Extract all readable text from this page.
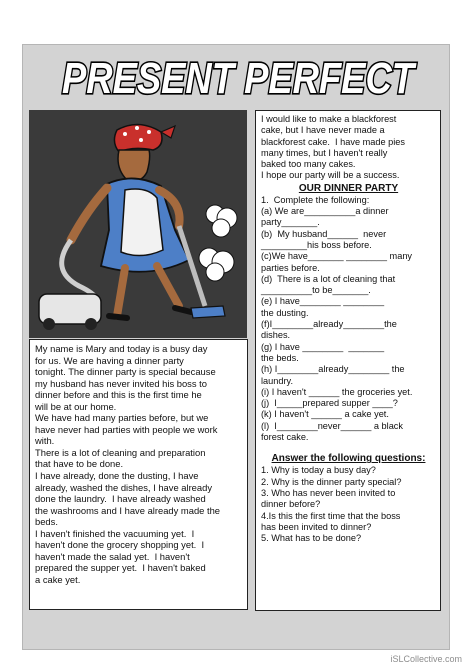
PRESENT PERFECT
My name is Mary and today is a busy day
for us. We are having a dinner party
tonight. The dinner party is special because
my husband has never invited his boss to
dinner before and this is the first time he
will be at our home.
We have had many parties before, but we
have never had parties with people we work
with.
There is a lot of cleaning and preparation
that have to be done.
I have already, done the dusting, I have
already, washed the dishes, I have already
done the laundry.  I have already washed
the washrooms and I have already made the
beds.
I haven't finished the vacuuming yet.  I
haven't done the grocery shopping yet.  I
haven't made the salad yet.  I haven't
prepared the supper yet.  I haven't baked
a cake yet.
I would like to make a blackforest
cake, but I have never made a
blackforest cake.  I have made pies
many times, but I haven't really
baked too many cakes.
I hope our party will be a success.
OUR DINNER PARTY
1.  Complete the following:
(a) We are__________a dinner
party_______.
(b)  My husband______  never
_________his boss before.
(c)We have_______ ________ many
parties before.
(d)  There is a lot of cleaning that
__________to be_______.
(e) I have________ ________
the dusting.
(f)I________already________the
dishes.
(g) I have ________  _______
the beds.
(h) I________already________ the
laundry.
(i) I haven't ______ the groceries yet.
(j)  I_____prepared supper ____?
(k) I haven't ______ a cake yet.
(l)  I________never______ a black
forest cake.
Answer the following questions:
1. Why is today a busy day?
2. Why is the dinner party special?
3. Who has never been invited to
dinner before?
4.Is this the first time that the boss
has been invited to dinner?
5. What has to be done?
iSLCollective.com
